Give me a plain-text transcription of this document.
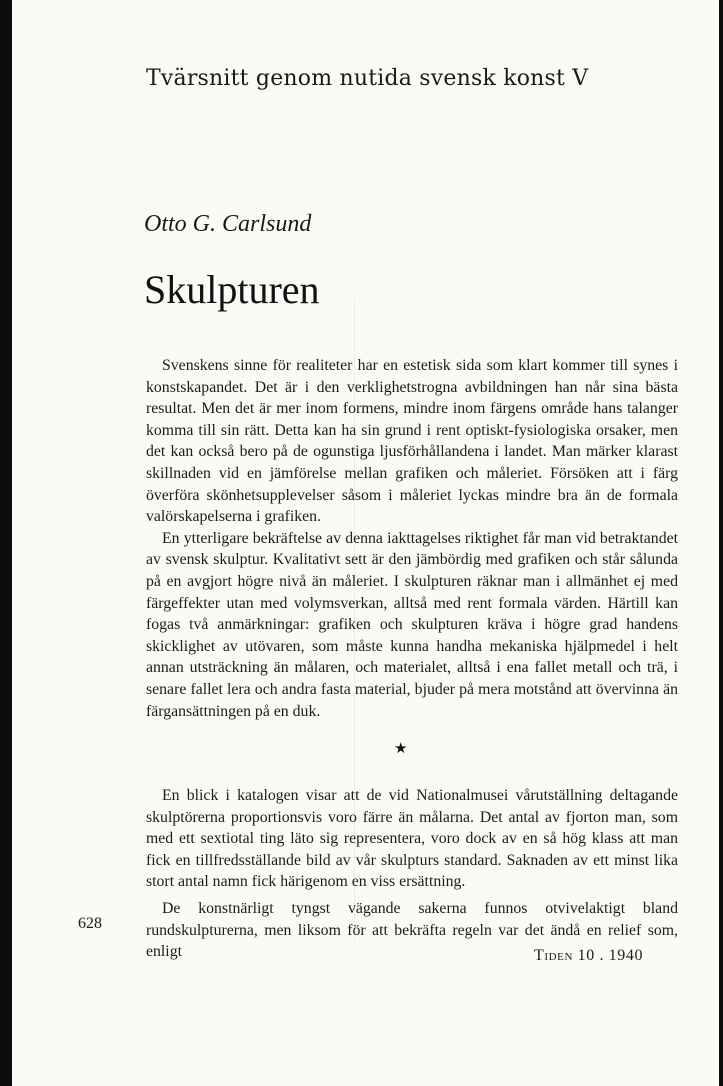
Tvärsnitt genom nutida svensk konst V
Otto G. Carlsund
Skulpturen

Svenskens sinne för realiteter har en estetisk sida som klart kommer till synes i konstskapandet. Det är i den verklighetstrogna avbildningen han når sina bästa resultat. Men det är mer inom formens, mindre inom färgens område hans talanger komma till sin rätt. Detta kan ha sin grund i rent optiskt-fysiologiska orsaker, men det kan också bero på de ogunstiga ljusförhållandena i landet. Man märker klarast skillnaden vid en jämförelse mellan grafiken och måleriet. Försöken att i färg överföra skönhetsupplevelser såsom i måleriet lyckas mindre bra än de formala valörskapelserna i grafiken.

En ytterligare bekräftelse av denna iakttagelses riktighet får man vid betraktandet av svensk skulptur. Kvalitativt sett är den jämbördig med grafiken och står sålunda på en avgjort högre nivå än måleriet. I skulpturen räknar man i allmänhet ej med färgeffekter utan med volymsverkan, alltså med rent formala värden. Härtill kan fogas två anmärkningar: grafiken och skulpturen kräva i högre grad handens skicklighet av utövaren, som måste kunna handha mekaniska hjälpmedel i helt annan utsträckning än målaren, och materialet, alltså i ena fallet metall och trä, i senare fallet lera och andra fasta material, bjuder på mera motstånd att övervinna än färgansättningen på en duk.

★

En blick i katalogen visar att de vid Nationalmusei vårutställning deltagande skulptörerna proportionsvis voro färre än målarna. Det antal av fjorton man, som med ett sextiotal ting läto sig representera, voro dock av en så hög klass att man fick en tillfredsställande bild av vår skulpturs standard. Saknaden av ett minst lika stort antal namn fick härigenom en viss ersättning.

De konstnärligt tyngst vägande sakerna funnos otvivelaktigt bland rundskulpturerna, men liksom för att bekräfta regeln var det ändå en relief som, enligt

628
Tiden 10 . 1940
